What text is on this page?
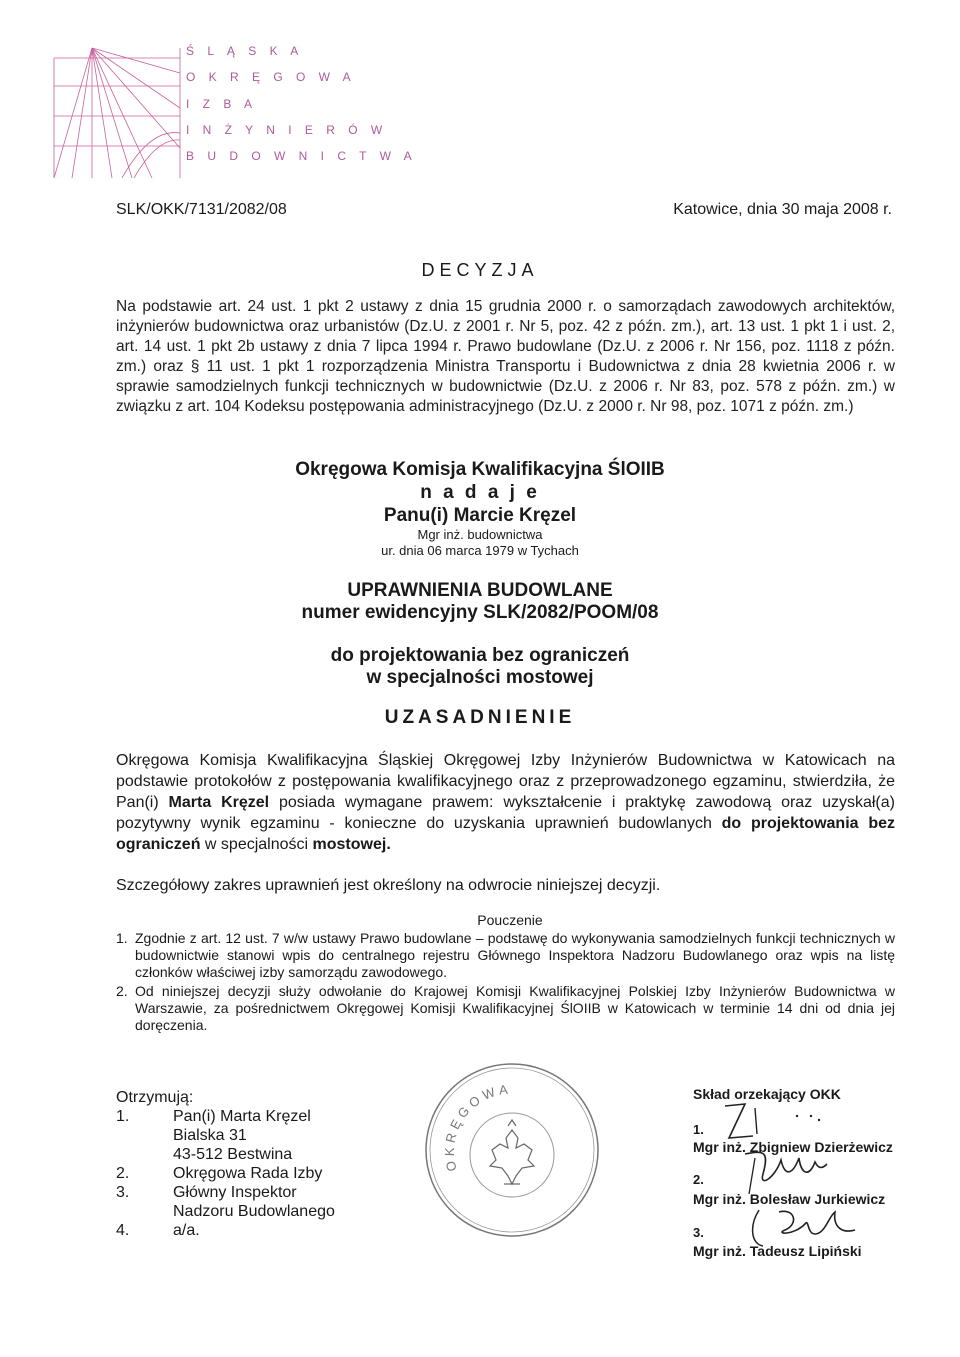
Ś L Ą S K A
O K R Ę G O W A
I Z B A
I N Ż Y N I E R Ó W
B U D O W N I C T W A
SLK/OKK/7131/2082/08	Katowice, dnia 30 maja 2008 r.
DECYZJA
Na podstawie art. 24 ust. 1 pkt 2 ustawy z dnia 15 grudnia 2000 r. o samorządach zawodowych architektów, inżynierów budownictwa oraz urbanistów (Dz.U. z 2001 r. Nr 5, poz. 42 z późn. zm.), art. 13 ust. 1 pkt 1 i ust. 2, art. 14 ust. 1 pkt 2b ustawy z dnia 7 lipca 1994 r. Prawo budowlane (Dz.U. z 2006 r. Nr 156, poz. 1118 z późn. zm.) oraz § 11 ust. 1 pkt 1 rozporządzenia Ministra Transportu i Budownictwa z dnia 28 kwietnia 2006 r. w sprawie samodzielnych funkcji technicznych w budownictwie (Dz.U. z 2006 r. Nr 83, poz. 578 z późn. zm.) w związku z art. 104 Kodeksu postępowania administracyjnego (Dz.U. z 2000 r. Nr 98, poz. 1071 z późn. zm.)
Okręgowa Komisja Kwalifikacyjna ŚlOIIB
n a d a j e
Panu(i) Marcie Kręzel
Mgr inż. budownictwa
ur. dnia 06 marca 1979 w Tychach
UPRAWNIENIA BUDOWLANE
numer ewidencyjny SLK/2082/POOM/08
do projektowania bez ograniczeń
w specjalności mostowej
UZASADNIENIE
Okręgowa Komisja Kwalifikacyjna Śląskiej Okręgowej Izby Inżynierów Budownictwa w Katowicach na podstawie protokołów z postępowania kwalifikacyjnego oraz z przeprowadzonego egzaminu, stwierdziła, że Pan(i) Marta Kręzel posiada wymagane prawem: wykształcenie i praktykę zawodową oraz uzyskał(a) pozytywny wynik egzaminu - konieczne do uzyskania uprawnień budowlanych do projektowania bez ograniczeń w specjalności mostowej.
Szczegółowy zakres uprawnień jest określony na odwrocie niniejszej decyzji.
Pouczenie
1. Zgodnie z art. 12 ust. 7 w/w ustawy Prawo budowlane – podstawę do wykonywania samodzielnych funkcji technicznych w budownictwie stanowi wpis do centralnego rejestru Głównego Inspektora Nadzoru Budowlanego oraz wpis na listę członków właściwej izby samorządu zawodowego.
2. Od niniejszej decyzji służy odwołanie do Krajowej Komisji Kwalifikacyjnej Polskiej Izby Inżynierów Budownictwa w Warszawie, za pośrednictwem Okręgowej Komisji Kwalifikacyjnej ŚlOIIB w Katowicach w terminie 14 dni od dnia jej doręczenia.
Otrzymują:
1.	Pan(i) Marta Kręzel
Bialska 31
43-512 Bestwina
2.	Okręgowa Rada Izby
3.	Główny Inspektor
Nadzoru Budowlanego
4.	a/a.
OKRĘGOWA	Skład orzekający OKK
1.
Mgr inż. Zbigniew Dzierżewicz
2.
Mgr inż. Bolesław Jurkiewicz
3.
Mgr inż. Tadeusz Lipiński
